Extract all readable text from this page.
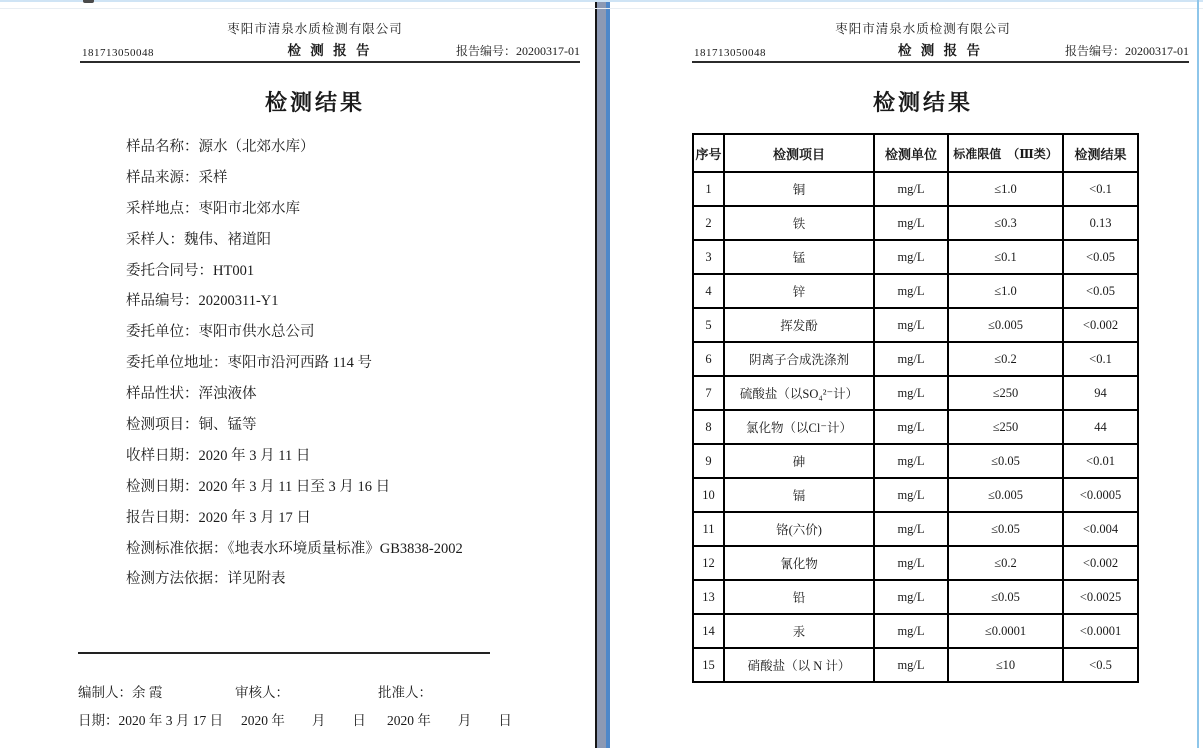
枣阳市清泉水质检测有限公司
181713050048	检 测 报 告	报告编号：20200317-01
检测结果
样品名称：源水（北郊水库）
样品来源：采样
采样地点：枣阳市北郊水库
采样人：魏伟、褚道阳
委托合同号：HT001
样品编号：20200311-Y1
委托单位：枣阳市供水总公司
委托单位地址：枣阳市沿河西路 114 号
样品性状：浑浊液体
检测项目：铜、锰等
收样日期：2020 年 3 月 11 日
检测日期：2020 年 3 月 11 日至 3 月 16 日
报告日期：2020 年 3 月 17 日
检测标准依据：《地表水环境质量标准》GB3838-2002
检测方法依据：详见附表
编制人：余 霞	审核人：	批准人：
日期：2020 年 3 月 17 日 2020 年　　月　　日 2020 年　　月　　日
枣阳市清泉水质检测有限公司
181713050048	检 测 报 告	报告编号：20200317-01
检测结果
序号	检测项目	检测单位	标准限值　（Ⅲ类）	检测结果
1	铜	mg/L	≤1.0	<0.1
2	铁	mg/L	≤0.3	0.13
3	锰	mg/L	≤0.1	<0.05
4	锌	mg/L	≤1.0	<0.05
5	挥发酚	mg/L	≤0.005	<0.002
6	阴离子合成洗涤剂	mg/L	≤0.2	<0.1
7	硫酸盐（以SO₄²⁻计）	mg/L	≤250	94
8	氯化物（以Cl⁻计）	mg/L	≤250	44
9	砷	mg/L	≤0.05	<0.01
10	镉	mg/L	≤0.005	<0.0005
11	铬(六价)	mg/L	≤0.05	<0.004
12	氰化物	mg/L	≤0.2	<0.002
13	铅	mg/L	≤0.05	<0.0025
14	汞	mg/L	≤0.0001	<0.0001
15	硝酸盐（以 N 计）	mg/L	≤10	<0.5
